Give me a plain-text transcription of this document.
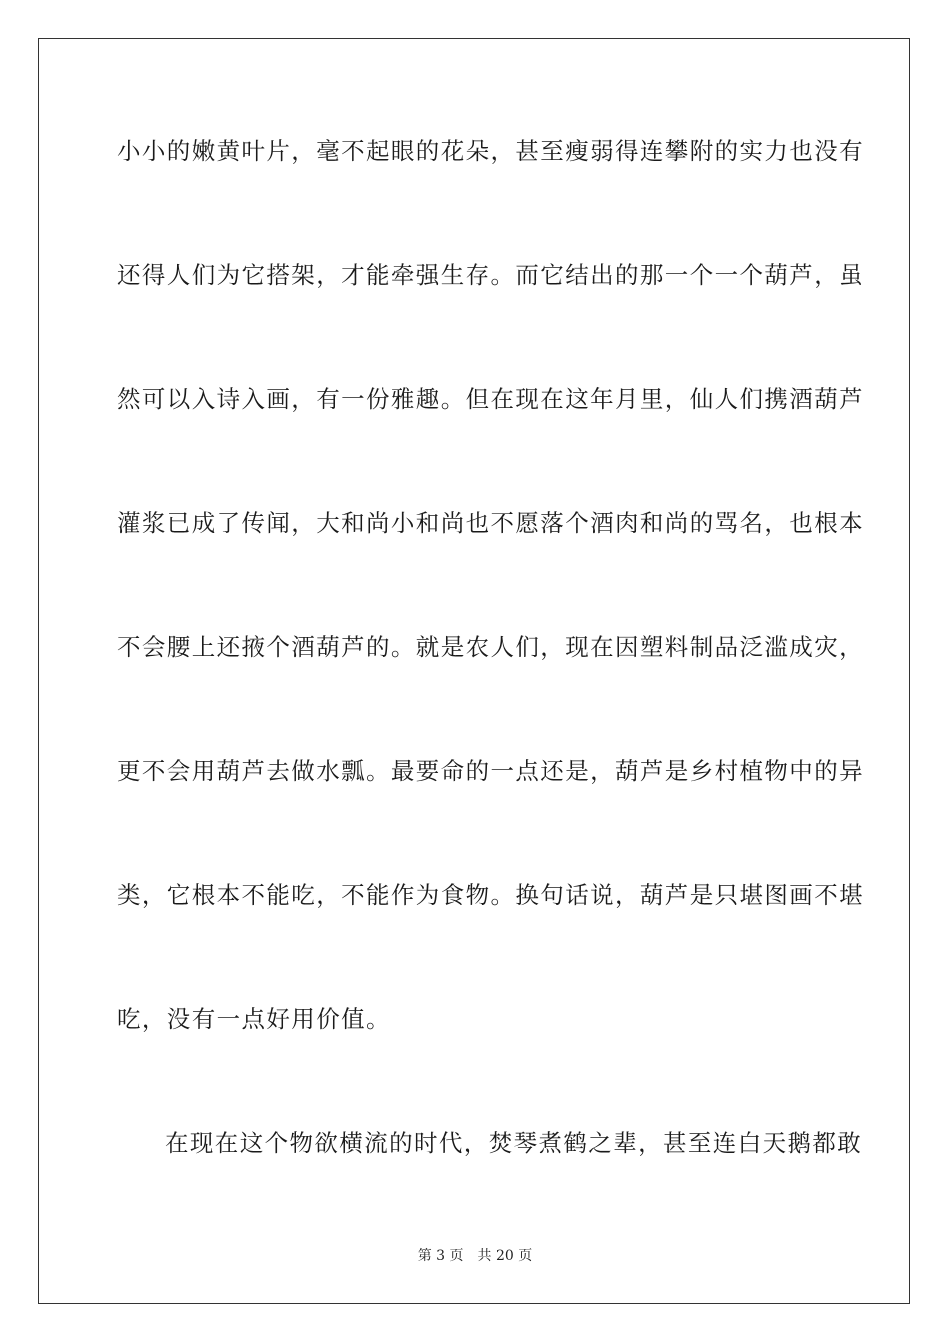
小小的嫩黄叶片，毫不起眼的花朵，甚至瘦弱得连攀附的实力也没有
还得人们为它搭架，才能牵强生存。而它结出的那一个一个葫芦，虽
然可以入诗入画，有一份雅趣。但在现在这年月里，仙人们携酒葫芦
灌浆已成了传闻，大和尚小和尚也不愿落个酒肉和尚的骂名，也根本
不会腰上还掖个酒葫芦的。就是农人们，现在因塑料制品泛滥成灾，
更不会用葫芦去做水瓢。最要命的一点还是，葫芦是乡村植物中的异
类，它根本不能吃，不能作为食物。换句话说，葫芦是只堪图画不堪
吃，没有一点好用价值。
在现在这个物欲横流的时代，焚琴煮鹤之辈，甚至连白天鹅都敢
第 3 页 共 20 页
